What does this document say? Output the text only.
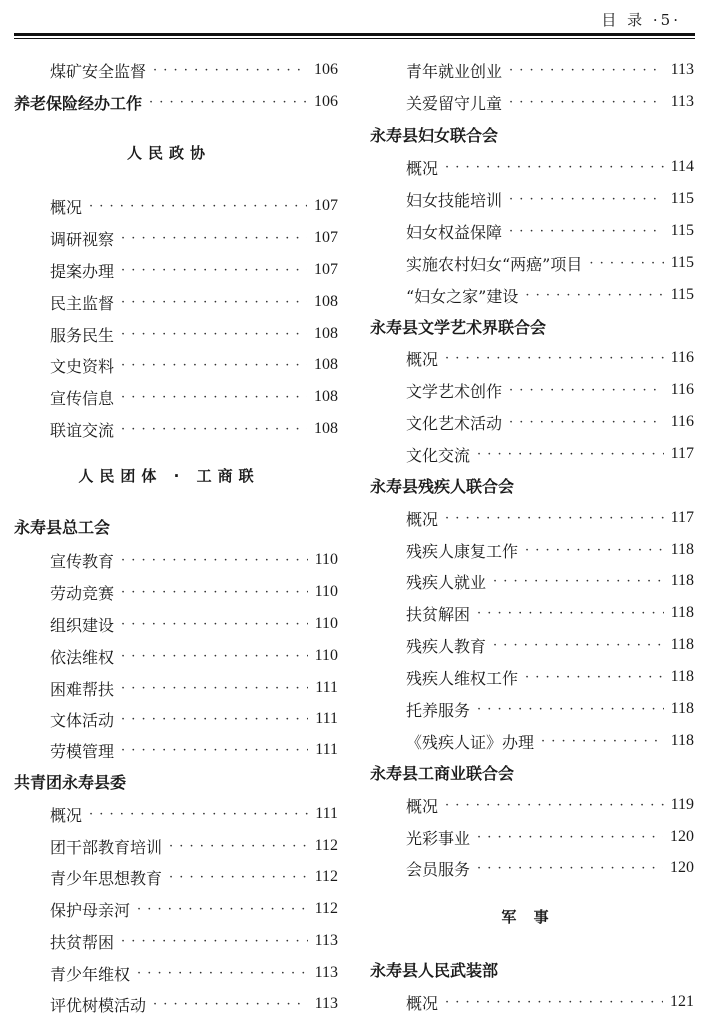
目 录 ·5·
煤矿安全监督 · · ·	106
养老保险经办工作 · · ·	106
人民政协
概况 · · ·	107
调研视察 · · ·	107
提案办理 · · ·	107
民主监督 · · ·	108
服务民生 · · ·	108
文史资料 · · ·	108
宣传信息 · · ·	108
联谊交流 · · ·	108
人民团体 · 工商联
永寿县总工会
宣传教育 · · ·	110
劳动竞赛 · · ·	110
组织建设 · · ·	110
依法维权 · · ·	110
困难帮扶 · · ·	111
文体活动 · · ·	111
劳模管理 · · ·	111
共青团永寿县委
概况 · · ·	111
团干部教育培训 · · ·	112
青少年思想教育 · · ·	112
保护母亲河 · · ·	112
扶贫帮困 · · ·	113
青少年维权 · · ·	113
评优树模活动 · · ·	113
青年就业创业 · · ·	113
关爱留守儿童 · · ·	113
永寿县妇女联合会
概况 · · ·	114
妇女技能培训 · · ·	115
妇女权益保障 · · ·	115
实施农村妇女“两癌”项目 · · ·	115
“妇女之家”建设 · · ·	115
永寿县文学艺术界联合会
概况 · · ·	116
文学艺术创作 · · ·	116
文化艺术活动 · · ·	116
文化交流 · · ·	117
永寿县残疾人联合会
概况 · · ·	117
残疾人康复工作 · · ·	118
残疾人就业 · · ·	118
扶贫解困 · · ·	118
残疾人教育 · · ·	118
残疾人维权工作 · · ·	118
托养服务 · · ·	118
《残疾人证》办理 · · ·	118
永寿县工商业联合会
概况 · · ·	119
光彩事业 · · ·	120
会员服务 · · ·	120
军 事
永寿县人民武装部
概况 · · ·	121
